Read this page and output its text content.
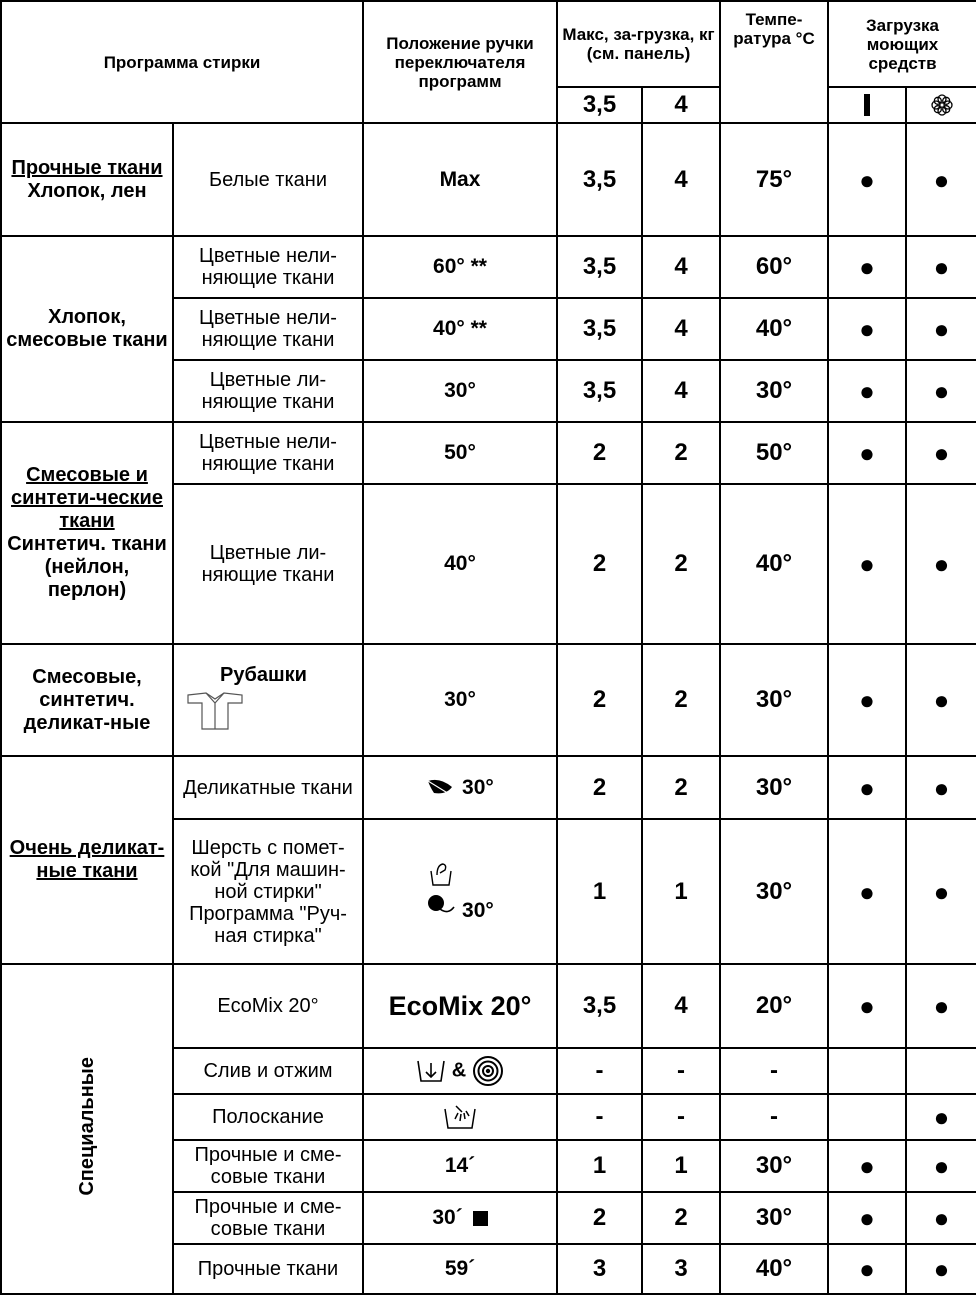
Программа стирки		Положение ручки переключателя программ	Макс, за-грузка, кг (см. панель)		Темпе-ратура °C	Загрузка моющих средств	
			3,5	4		
Прочные ткани
Хлопок, лен	Белые ткани	Max	3,5	4	75°	●	●
Хлопок, смесовые ткани	Цветные нели-няющие ткани	60° **	3,5	4	60°	●	●
	Цветные нели-няющие ткани	40° **	3,5	4	40°	●	●
	Цветные ли-няющие ткани	30°	3,5	4	30°	●	●
Смесовые и синтети-ческие ткани
Синтетич. ткани (нейлон, перлон)	Цветные нели-няющие ткани	50°	2	2	50°	●	●
	Цветные ли-няющие ткани	40°	2	2	40°	●	●
Смесовые, синтетич. деликат-ные	Рубашки	30°	2	2	30°	●	●
Очень деликат-ные ткани	Деликатные ткани	30°	2	2	30°	●	●
	Шерсть с помет-кой "Для машин-ной стирки" Программа "Руч-ная стирка"	30°	1	1	30°	●	●
Специальные	EcoMix 20°	EcoMix 20°	3,5	4	20°	●	●
	Слив и отжим	&	-	-	-		
	Полоскание		-	-	-		●
	Прочные и сме-совые ткани	14´	1	1	30°	●	●
	Прочные и сме-совые ткани	30´	2	2	30°	●	●
	Прочные ткани	59´	3	3	40°	●	●
